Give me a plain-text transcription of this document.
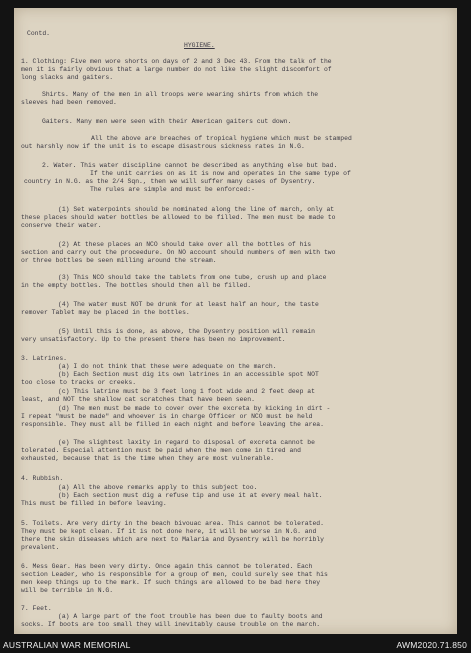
1. Clothing: Five men wore shorts on days of 2 and 3 Dec 43. From the talk of the
men it is fairly obvious that a large number do not like the slight discomfort of
long slacks and gaiters.
Shirts. Many of the men in all troops were wearing shirts from which the
sleeves had been removed.
Gaiters. Many men were seen with their American gaiters cut down.
All the above are breaches of tropical hygiene which must be stamped
out harshly now if the unit is to escape disastrous sickness rates in N.G.
2. Water. This water discipline cannot be described as anything else but bad.
If the unit carries on as it is now and operates in the same type of
country in N.G. as the 2/4 Sqn., then we will suffer many cases of Dysentry.
The rules are simple and must be enforced:-
(1) Set waterpoints should be nominated along the line of march, only at
these places should water bottles be allowed to be filled. The men must be made to
conserve their water.
(2) At these places an NCO should take over all the bottles of his
section and carry out the proceedure. On NO account should numbers of men with two
or three bottles be seen milling around the stream.
(3) This NCO should take the tablets from one tube, crush up and place
in the empty bottles. The bottles should then all be filled.
(4) The water must NOT be drunk for at least half an hour, the taste
remover Tablet may be placed in the bottles.
(5) Until this is done, as above, the Dysentry position will remain
very unsatisfactory. Up to the present there has been no improvement.
3. Latrines.
(a) I do not think that these were adequate on the march.
(b) Each Section must dig its own latrines in an accessible spot NOT
too close to tracks or creeks.
(c) This latrine must be 3 feet long 1 foot wide and 2 feet deep at
least, and NOT the shallow cat scratches that have been seen.
(d) The men must be made to cover over the excreta by kicking in dirt -
I repeat "must be made" and whoever is in charge Officer or NCO must be held
responsible. They must all be filled in each night and before leaving the area.
(e) The slightest laxity in regard to disposal of excreta cannot be
tolerated. Especial attention must be paid when the men come in tired and
exhausted, because that is the time when they are most vulnerable.
4. Rubbish.
(a) All the above remarks apply to this subject too.
(b) Each section must dig a refuse tip and use it at every meal halt.
This must be filled in before leaving.
5. Toilets. Are very dirty in the beach bivouac area. This cannot be tolerated.
They must be kept clean. If it is not done here, it will be worse in N.G. and
there the skin diseases which are next to Malaria and Dysentry will be horribly
prevalent.
6. Mess Gear. Has been very dirty. Once again this cannot be tolerated. Each
section Leader, who is responsible for a group of men, could surely see that his
men keep things up to the mark. If such things are allowed to be bad here they
will be terrible in N.G.
7. Feet.
(a) A large part of the foot trouble has been due to faulty boots and
socks. If boots are too small they will inevitably cause trouble on the march.
Contd.
HYGIENE.
AUSTRALIAN WAR MEMORIAL	AWM2020.71.850
